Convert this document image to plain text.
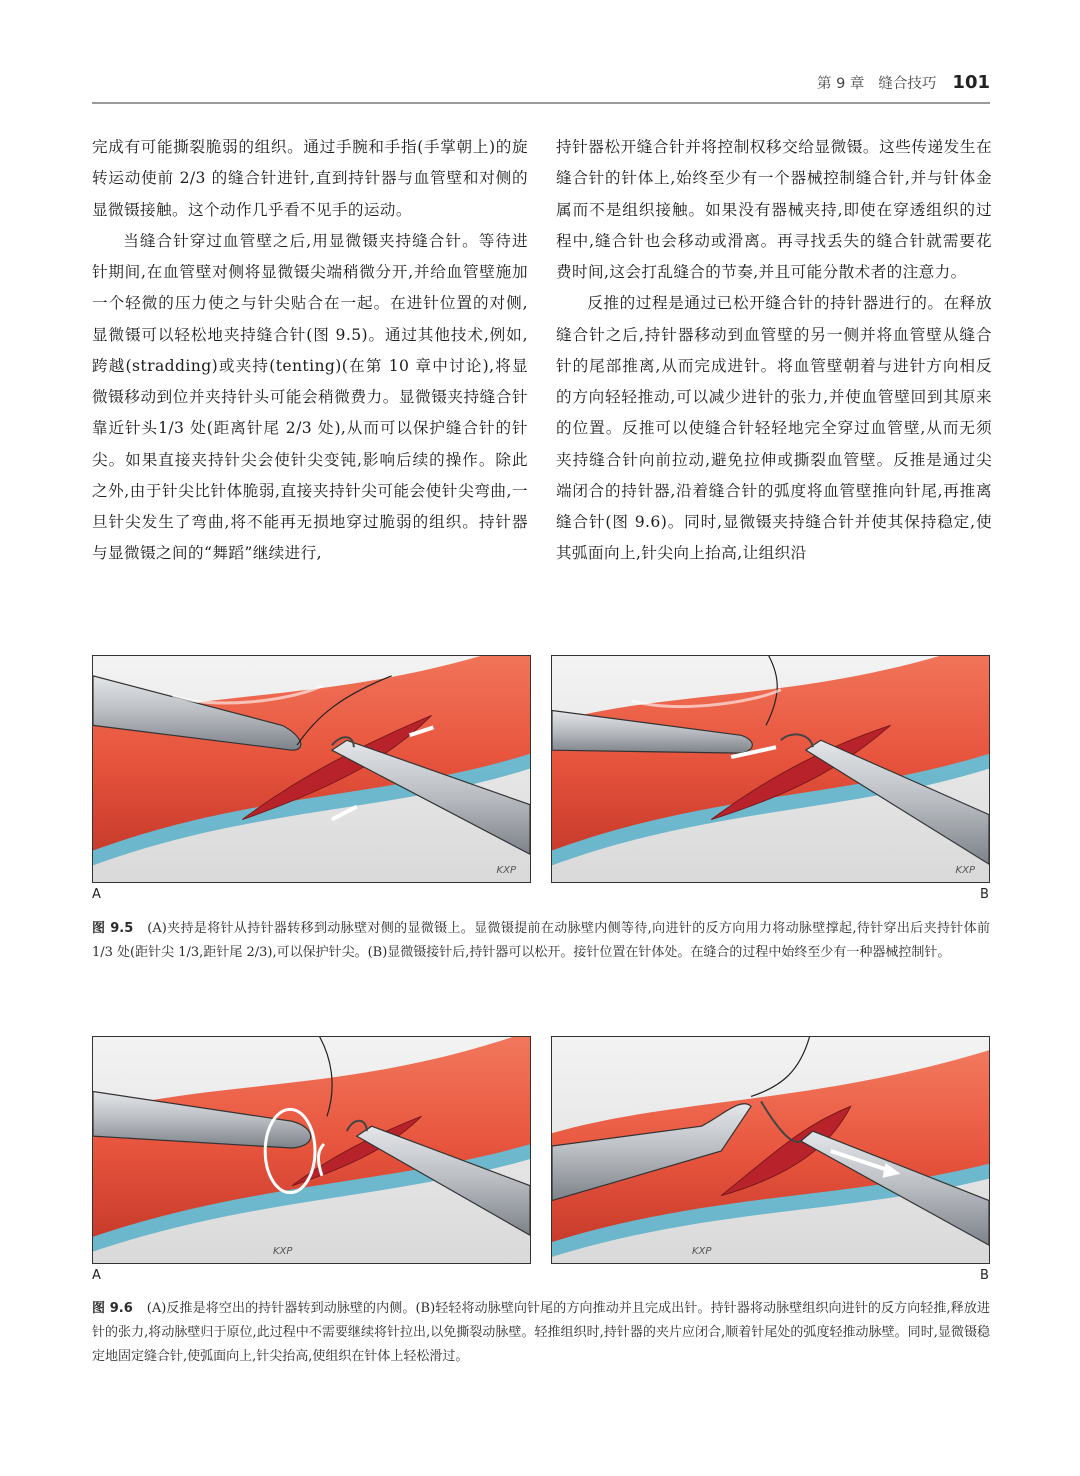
第 9 章 缝合技巧 101

完成有可能撕裂脆弱的组织。通过手腕和手指(手掌朝上)的旋转运动使前 2/3 的缝合针进针,直到持针器与血管壁和对侧的显微镊接触。这个动作几乎看不见手的运动。

当缝合针穿过血管壁之后,用显微镊夹持缝合针。等待进针期间,在血管壁对侧将显微镊尖端稍微分开,并给血管壁施加一个轻微的压力使之与针尖贴合在一起。在进针位置的对侧,显微镊可以轻松地夹持缝合针(图 9.5)。通过其他技术,例如,跨越(stradding)或夹持(tenting)(在第 10 章中讨论),将显微镊移动到位并夹持针头可能会稍微费力。显微镊夹持缝合针靠近针头1/3 处(距离针尾 2/3 处),从而可以保护缝合针的针尖。如果直接夹持针尖会使针尖变钝,影响后续的操作。除此之外,由于针尖比针体脆弱,直接夹持针尖可能会使针尖弯曲,一旦针尖发生了弯曲,将不能再无损地穿过脆弱的组织。持针器与显微镊之间的“舞蹈”继续进行,

持针器松开缝合针并将控制权移交给显微镊。这些传递发生在缝合针的针体上,始终至少有一个器械控制缝合针,并与针体金属而不是组织接触。如果没有器械夹持,即使在穿透组织的过程中,缝合针也会移动或滑离。再寻找丢失的缝合针就需要花费时间,这会打乱缝合的节奏,并且可能分散术者的注意力。

反推的过程是通过已松开缝合针的持针器进行的。在释放缝合针之后,持针器移动到血管壁的另一侧并将血管壁从缝合针的尾部推离,从而完成进针。将血管壁朝着与进针方向相反的方向轻轻推动,可以减少进针的张力,并使血管壁回到其原来的位置。反推可以使缝合针轻轻地完全穿过血管壁,从而无须夹持缝合针向前拉动,避免拉伸或撕裂血管壁。反推是通过尖端闭合的持针器,沿着缝合针的弧度将血管壁推向针尾,再推离缝合针(图 9.6)。同时,显微镊夹持缝合针并使其保持稳定,使其弧面向上,针尖向上抬高,让组织沿

KXP	KXP
A	B
图 9.5 (A)夹持是将针从持针器转移到动脉壁对侧的显微镊上。显微镊提前在动脉壁内侧等待,向进针的反方向用力将动脉壁撑起,待针穿出后夹持针体前 1/3 处(距针尖 1/3,距针尾 2/3),可以保护针尖。(B)显微镊接针后,持针器可以松开。接针位置在针体处。在缝合的过程中始终至少有一种器械控制针。
KXP	KXP
A	B
图 9.6 (A)反推是将空出的持针器转到动脉壁的内侧。(B)轻轻将动脉壁向针尾的方向推动并且完成出针。持针器将动脉壁组织向进针的反方向轻推,释放进针的张力,将动脉壁归于原位,此过程中不需要继续将针拉出,以免撕裂动脉壁。轻推组织时,持针器的夹片应闭合,顺着针尾处的弧度轻推动脉壁。同时,显微镊稳定地固定缝合针,使弧面向上,针尖抬高,使组织在针体上轻松滑过。
